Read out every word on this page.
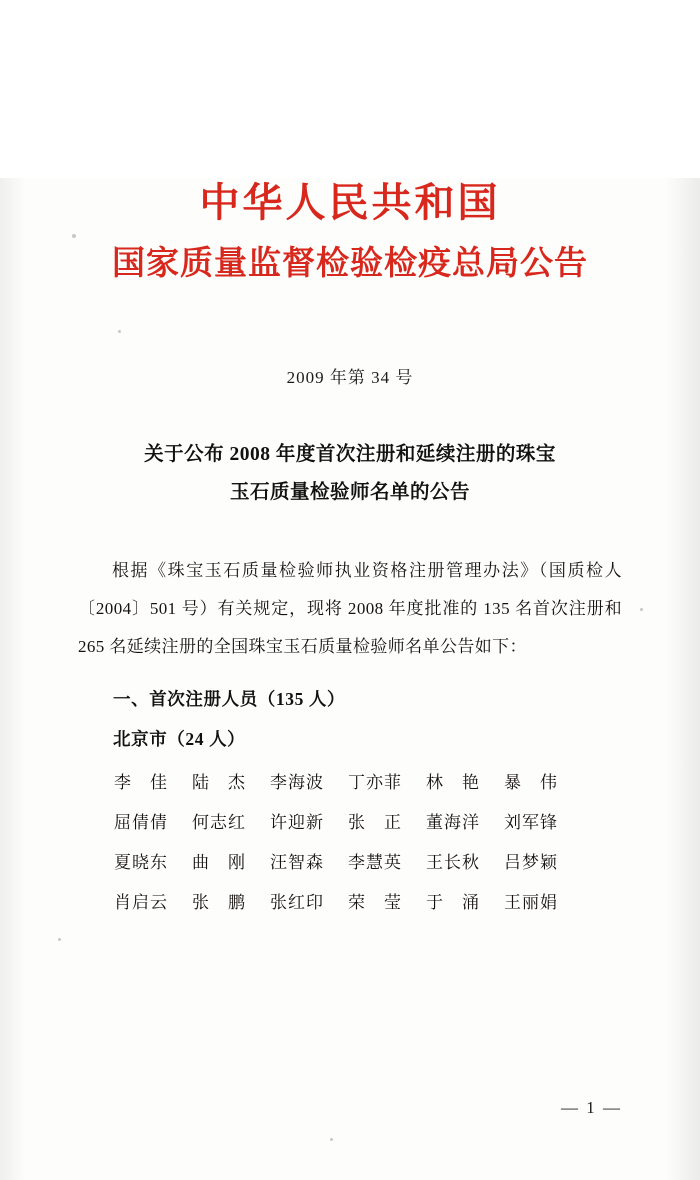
中华人民共和国
国家质量监督检验检疫总局公告
2009 年第 34 号
关于公布 2008 年度首次注册和延续注册的珠宝
玉石质量检验师名单的公告
根据《珠宝玉石质量检验师执业资格注册管理办法》（国质检人〔2004〕501 号）有关规定，现将 2008 年度批准的 135 名首次注册和 265 名延续注册的全国珠宝玉石质量检验师名单公告如下：
一、首次注册人员（135 人）
北京市（24 人）
李　佳	陆　杰	李海波	丁亦菲	林　艳	暴　伟
屈倩倩	何志红	许迎新	张　正	董海洋	刘军锋
夏晓东	曲　刚	汪智森	李慧英	王长秋	吕梦颖
肖启云	张　鹏	张红印	荣　莹	于　涌	王丽娟
— 1 —
